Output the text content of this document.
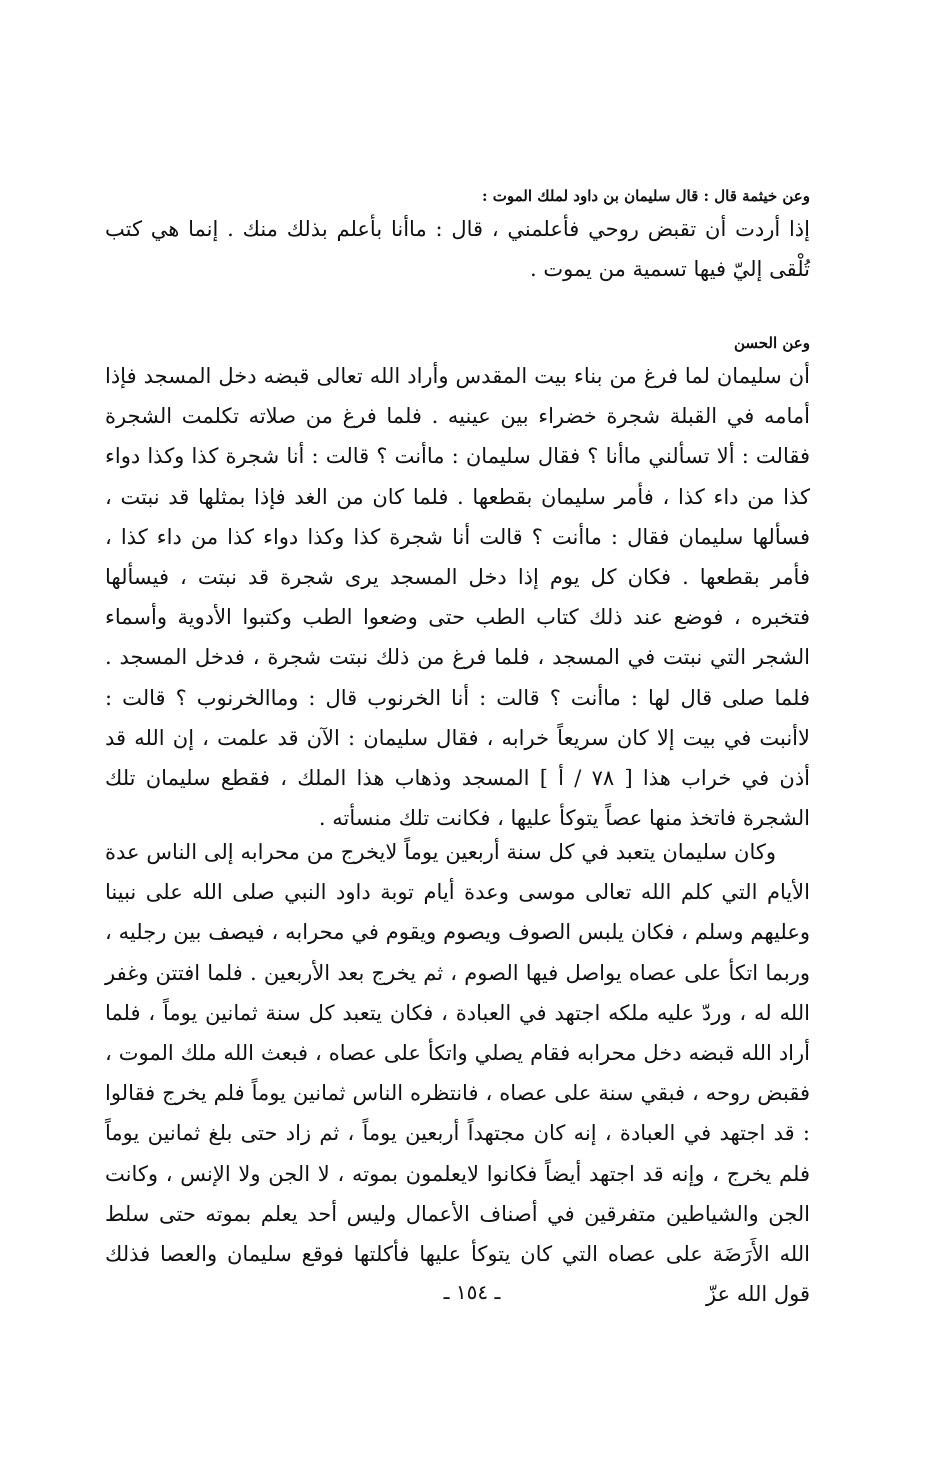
وعن خيثمة قال : قال سليمان بن داود لملك الموت :

إذا أردت أن تقبض روحي فأعلمني ، قال : ماأنا بأعلم بذلك منك . إنما هي كتب تُلْقى إليّ فيها تسمية من يموت .

وعن الحسن

أن سليمان لما فرغ من بناء بيت المقدس وأراد الله تعالى قبضه دخل المسجد فإذا أمامه في القبلة شجرة خضراء بين عينيه . فلما فرغ من صلاته تكلمت الشجرة فقالت : ألا تسألني ماأنا ؟ فقال سليمان : ماأنت ؟ قالت : أنا شجرة كذا وكذا دواء كذا من داء كذا ، فأمر سليمان بقطعها . فلما كان من الغد فإذا بمثلها قد نبتت ، فسألها سليمان فقال : ماأنت ؟ قالت أنا شجرة كذا وكذا دواء كذا من داء كذا ، فأمر بقطعها . فكان كل يوم إذا دخل المسجد يرى شجرة قد نبتت ، فيسألها فتخبره ، فوضع عند ذلك كتاب الطب حتى وضعوا الطب وكتبوا الأدوية وأسماء الشجر التي نبتت في المسجد ، فلما فرغ من ذلك نبتت شجرة ، فدخل المسجد . فلما صلى قال لها : ماأنت ؟ قالت : أنا الخرنوب قال : وماالخرنوب ؟ قالت : لاأنبت في بيت إلا كان سريعاً خرابه ، فقال سليمان : الآن قد علمت ، إن الله قد أذن في خراب هذا [ ٧٨ / أ ] المسجد وذهاب هذا الملك ، فقطع سليمان تلك الشجرة فاتخذ منها عصاً يتوكأ عليها ، فكانت تلك منسأته .

وكان سليمان يتعبد في كل سنة أربعين يوماً لايخرج من محرابه إلى الناس عدة الأيام التي كلم الله تعالى موسى وعدة أيام توبة داود النبي صلى الله على نبينا وعليهم وسلم ، فكان يلبس الصوف ويصوم ويقوم في محرابه ، فيصف بين رجليه ، وربما اتكأ على عصاه يواصل فيها الصوم ، ثم يخرج بعد الأربعين . فلما افتتن وغفر الله له ، وردّ عليه ملكه اجتهد في العبادة ، فكان يتعبد كل سنة ثمانين يوماً ، فلما أراد الله قبضه دخل محرابه فقام يصلي واتكأ على عصاه ، فبعث الله ملك الموت ، فقبض روحه ، فبقي سنة على عصاه ، فانتظره الناس ثمانين يوماً فلم يخرج فقالوا : قد اجتهد في العبادة ، إنه كان مجتهداً أربعين يوماً ، ثم زاد حتى بلغ ثمانين يوماً فلم يخرج ، وإنه قد اجتهد أيضاً فكانوا لايعلمون بموته ، لا الجن ولا الإنس ، وكانت الجن والشياطين متفرقين في أصناف الأعمال وليس أحد يعلم بموته حتى سلط الله الأَرَضَة على عصاه التي كان يتوكأ عليها فأكلتها فوقع سليمان والعصا فذلك قول الله عزّ

ـ ١٥٤ ـ
